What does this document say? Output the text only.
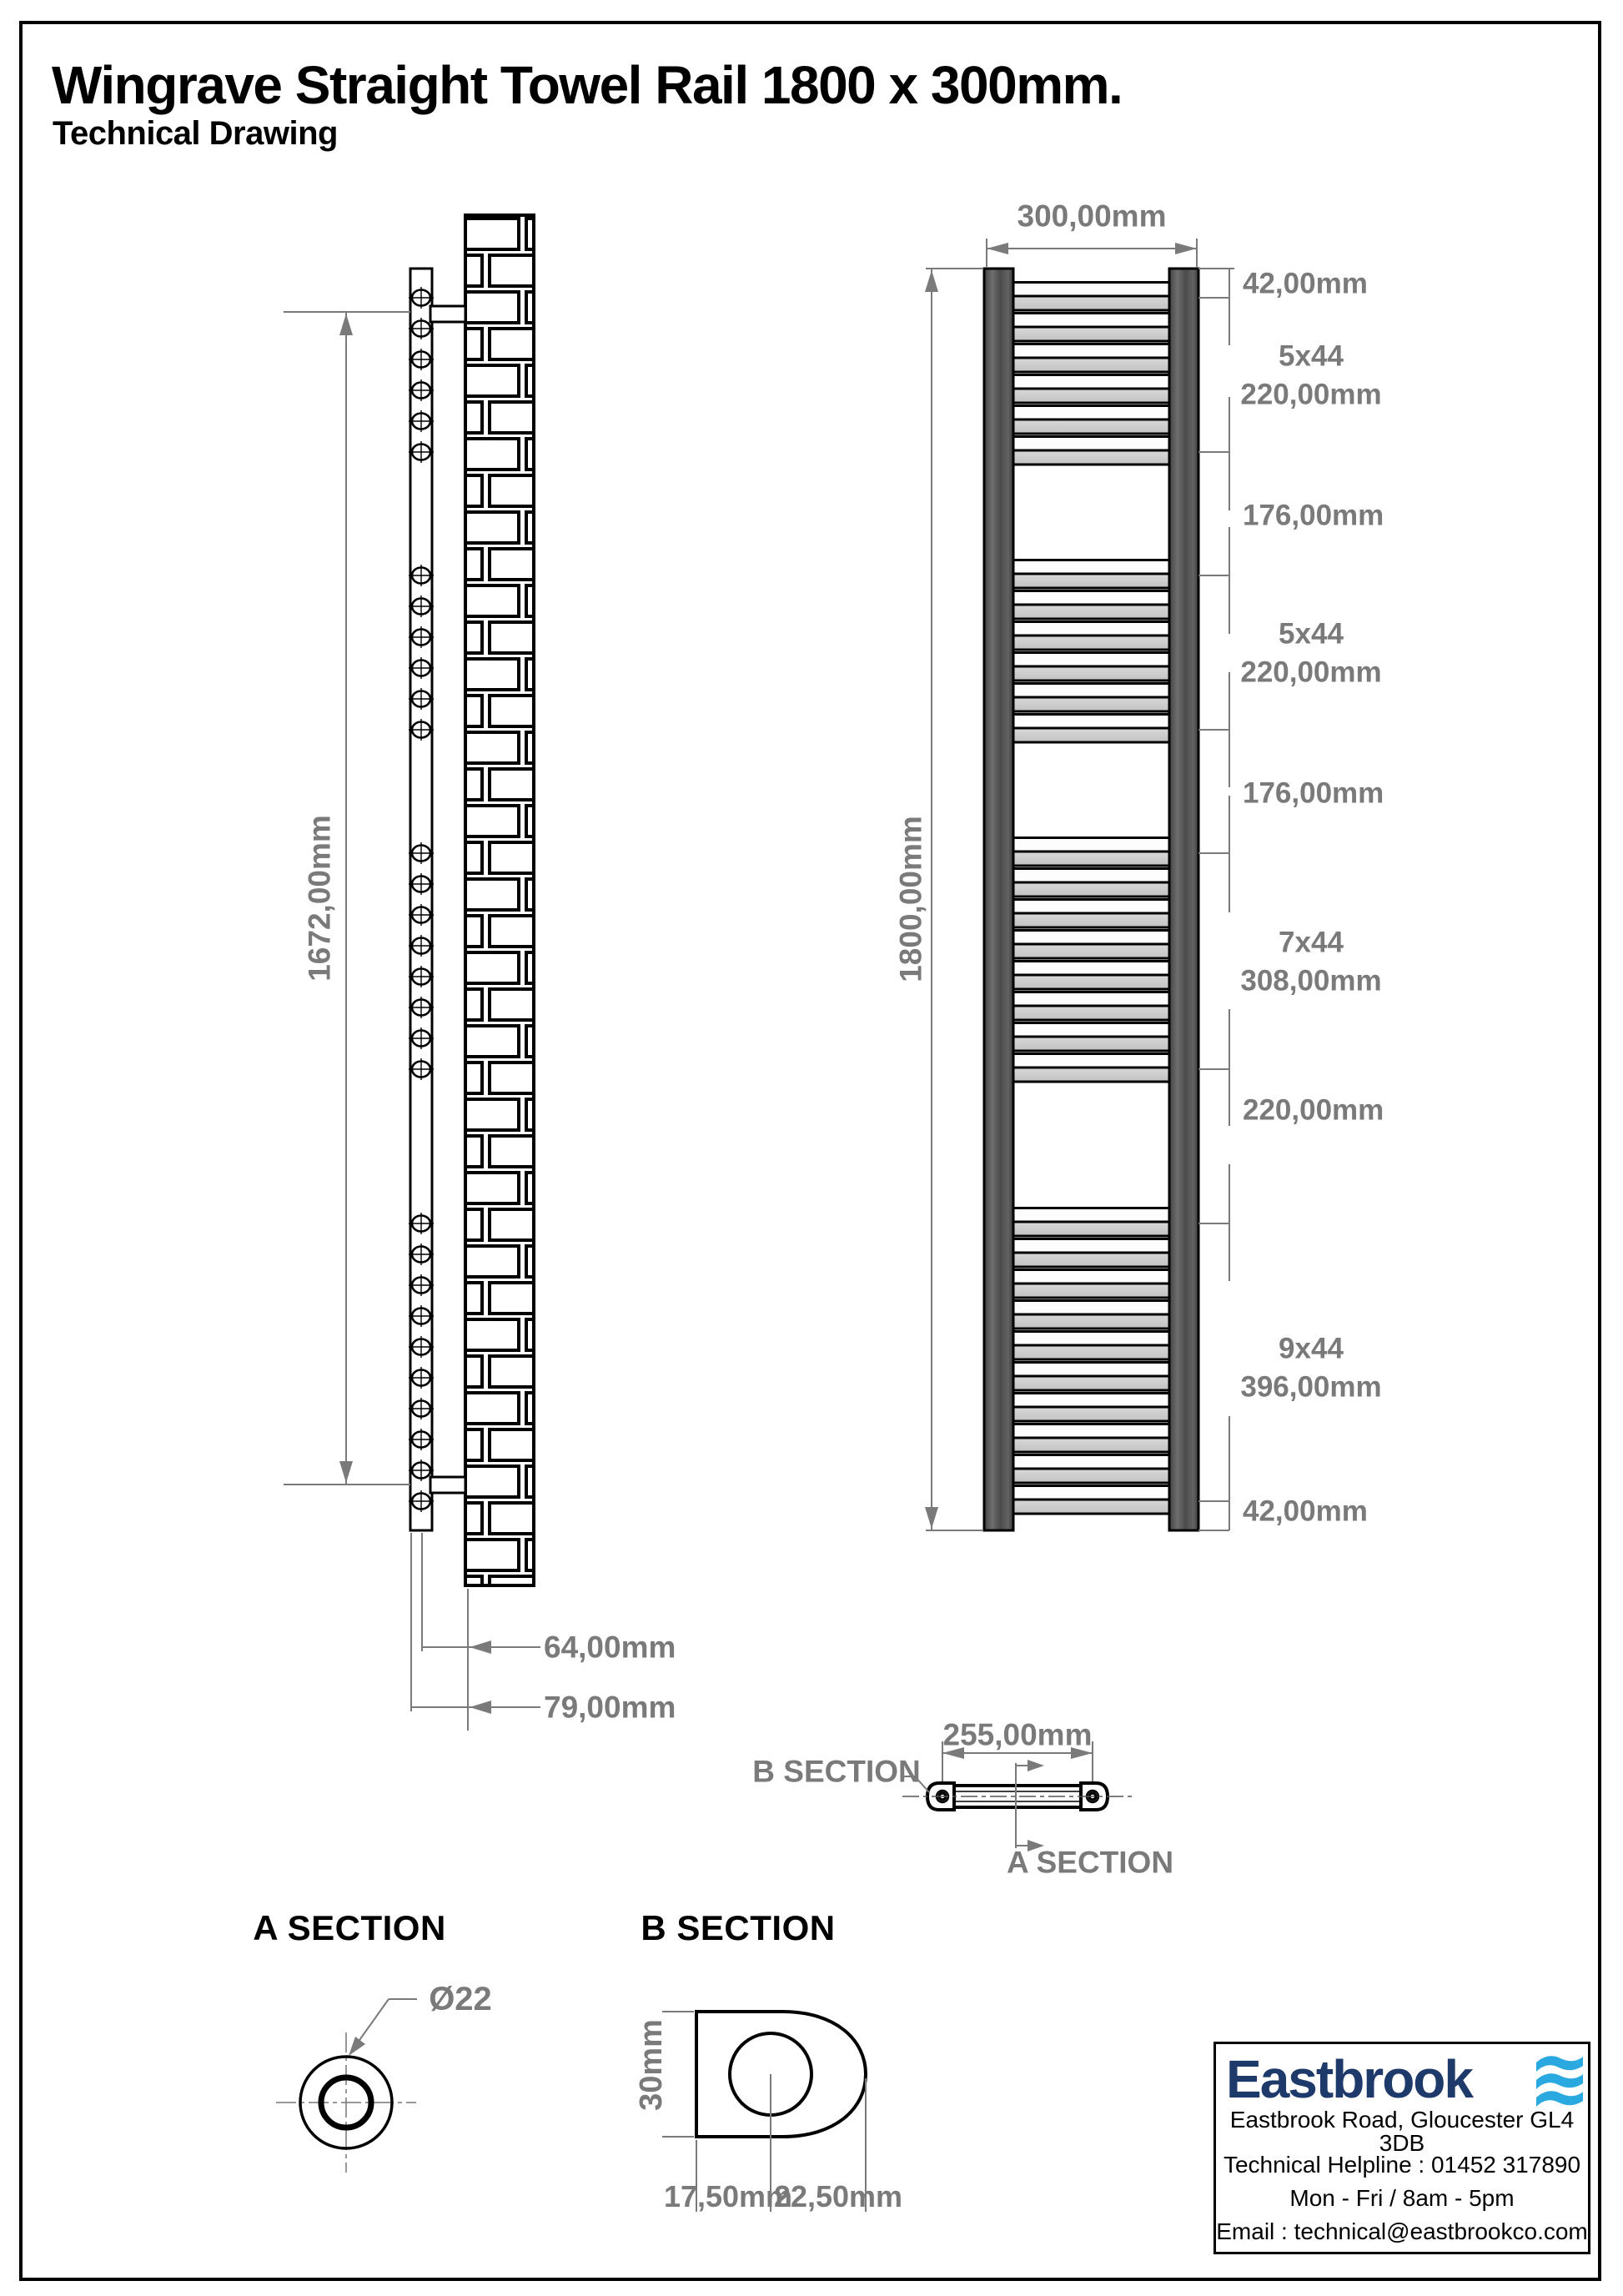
Wingrave Straight Towel Rail 1800 x 300mm.
Technical Drawing
1672,00mm
64,00mm
79,00mm
300,00mm
1800,00mm
42,00mm
5x44
220,00mm
176,00mm
5x44
220,00mm
176,00mm
7x44
308,00mm
220,00mm
9x44
396,00mm
42,00mm
255,00mm
B SECTION
A SECTION
A SECTION
Ø22
B SECTION
30mm
17,50mm
22,50mm
Eastbrook
Eastbrook Road, Gloucester GL4 3DB
Technical Helpline : 01452 317890
Mon - Fri / 8am - 5pm
Email : technical@eastbrookco.com
